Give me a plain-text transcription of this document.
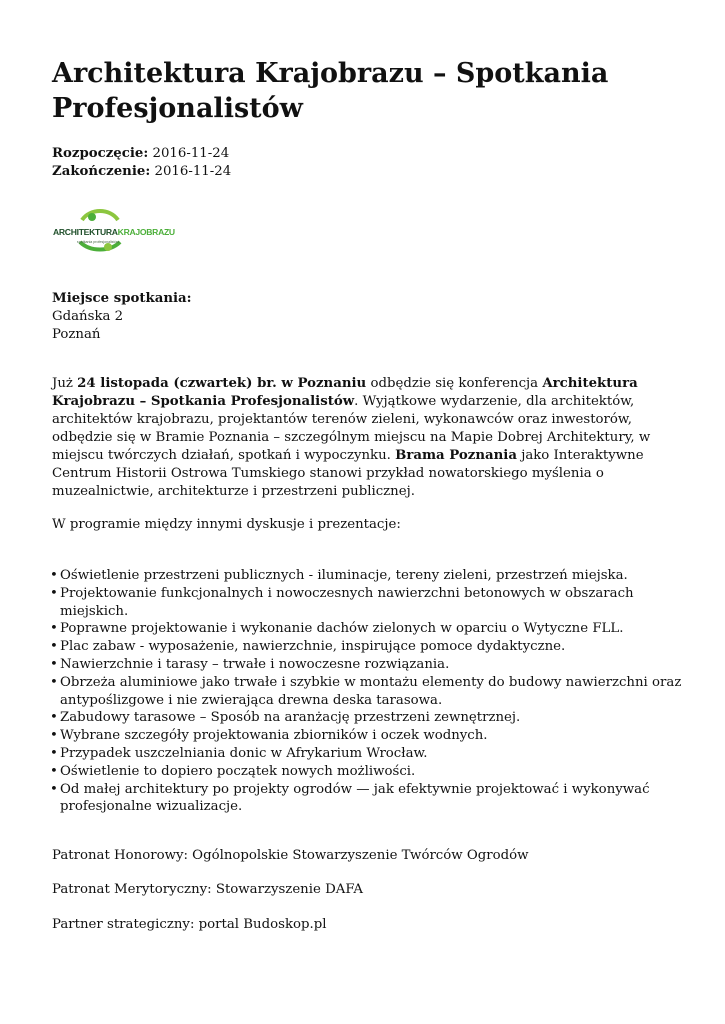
Architektura Krajobrazu – Spotkania Profesjonalistów
Rozpoczęcie: 2016-11-24
Zakończenie: 2016-11-24
ARCHITEKTURAKRAJOBRAZU
spotkania profesjonalistów
Miejsce spotkania:
Gdańska 2
Poznań
Już 24 listopada (czwartek) br. w Poznaniu odbędzie się konferencja Architektura Krajobrazu – Spotkania Profesjonalistów. Wyjątkowe wydarzenie, dla architektów, architektów krajobrazu, projektantów terenów zieleni, wykonawców oraz inwestorów, odbędzie się w Bramie Poznania – szczególnym miejscu na Mapie Dobrej Architektury, w miejscu twórczych działań, spotkań i wypoczynku. Brama Poznania jako Interaktywne Centrum Historii Ostrowa Tumskiego stanowi przykład nowatorskiego myślenia o muzealnictwie, architekturze i przestrzeni publicznej.
W programie między innymi dyskusje i prezentacje:
• Oświetlenie przestrzeni publicznych - iluminacje, tereny zieleni, przestrzeń miejska.
• Projektowanie funkcjonalnych i nowoczesnych nawierzchni betonowych w obszarach miejskich.
• Poprawne projektowanie i wykonanie dachów zielonych w oparciu o Wytyczne FLL.
• Plac zabaw - wyposażenie, nawierzchnie, inspirujące pomoce dydaktyczne.
• Nawierzchnie i tarasy – trwałe i nowoczesne rozwiązania.
• Obrzeża aluminiowe jako trwałe i szybkie w montażu elementy do budowy nawierzchni oraz antypoślizgowe i nie zwierająca drewna deska tarasowa.
• Zabudowy tarasowe – Sposób na aranżację przestrzeni zewnętrznej.
• Wybrane szczegóły projektowania zbiorników i oczek wodnych.
• Przypadek uszczelniania donic w Afrykarium Wrocław.
• Oświetlenie to dopiero początek nowych możliwości.
• Od małej architektury po projekty ogrodów — jak efektywnie projektować i wykonywać profesjonalne wizualizacje.
Patronat Honorowy: Ogólnopolskie Stowarzyszenie Twórców Ogrodów
Patronat Merytoryczny: Stowarzyszenie DAFA
Partner strategiczny: portal Budoskop.pl
